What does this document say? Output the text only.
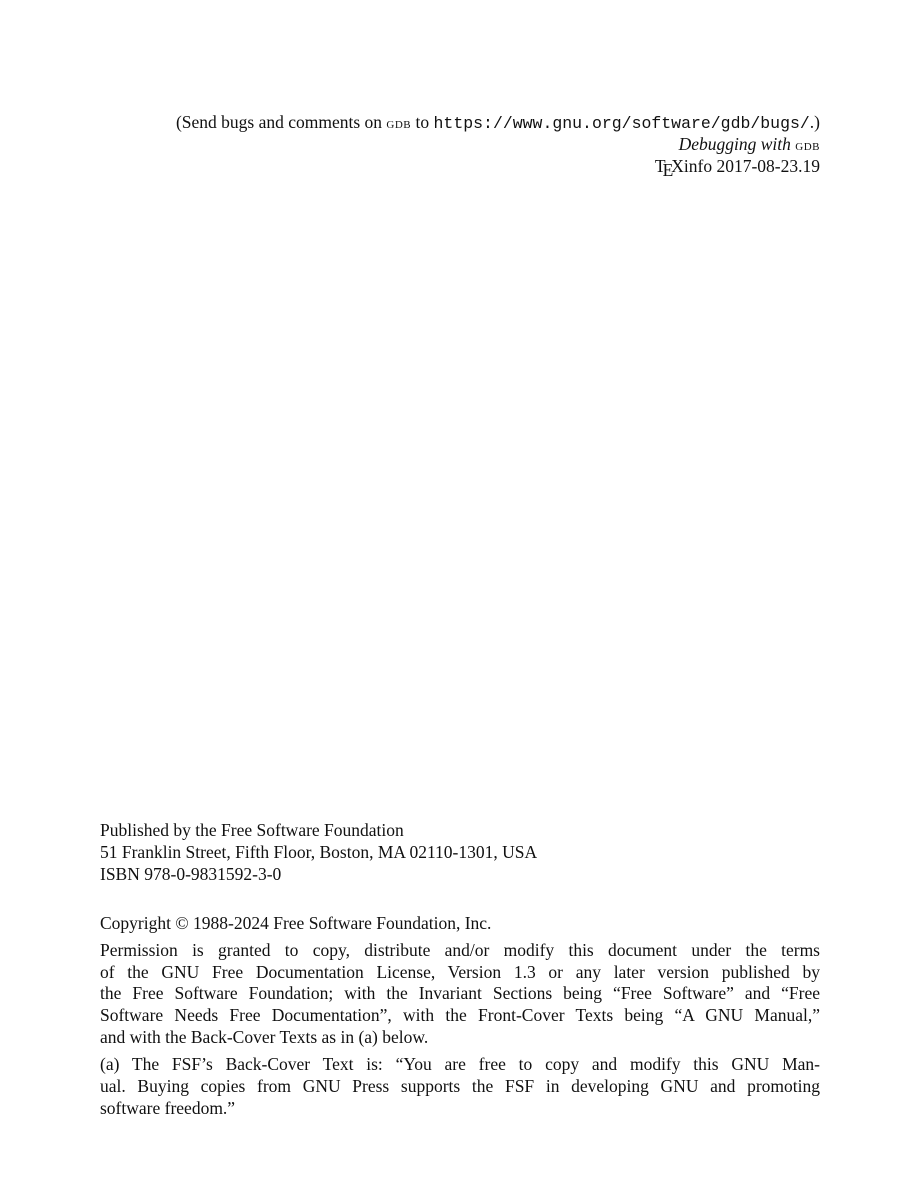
(Send bugs and comments on gdb to https://www.gnu.org/software/gdb/bugs/.)
Debugging with gdb
TEXinfo 2017-08-23.19
Published by the Free Software Foundation
51 Franklin Street, Fifth Floor, Boston, MA 02110-1301, USA
ISBN 978-0-9831592-3-0
Copyright © 1988-2024 Free Software Foundation, Inc.
Permission is granted to copy, distribute and/or modify this document under the terms
of the GNU Free Documentation License, Version 1.3 or any later version published by
the Free Software Foundation; with the Invariant Sections being “Free Software” and “Free
Software Needs Free Documentation”, with the Front-Cover Texts being “A GNU Manual,”
and with the Back-Cover Texts as in (a) below.
(a) The FSF’s Back-Cover Text is: “You are free to copy and modify this GNU Man-
ual. Buying copies from GNU Press supports the FSF in developing GNU and promoting
software freedom.”
